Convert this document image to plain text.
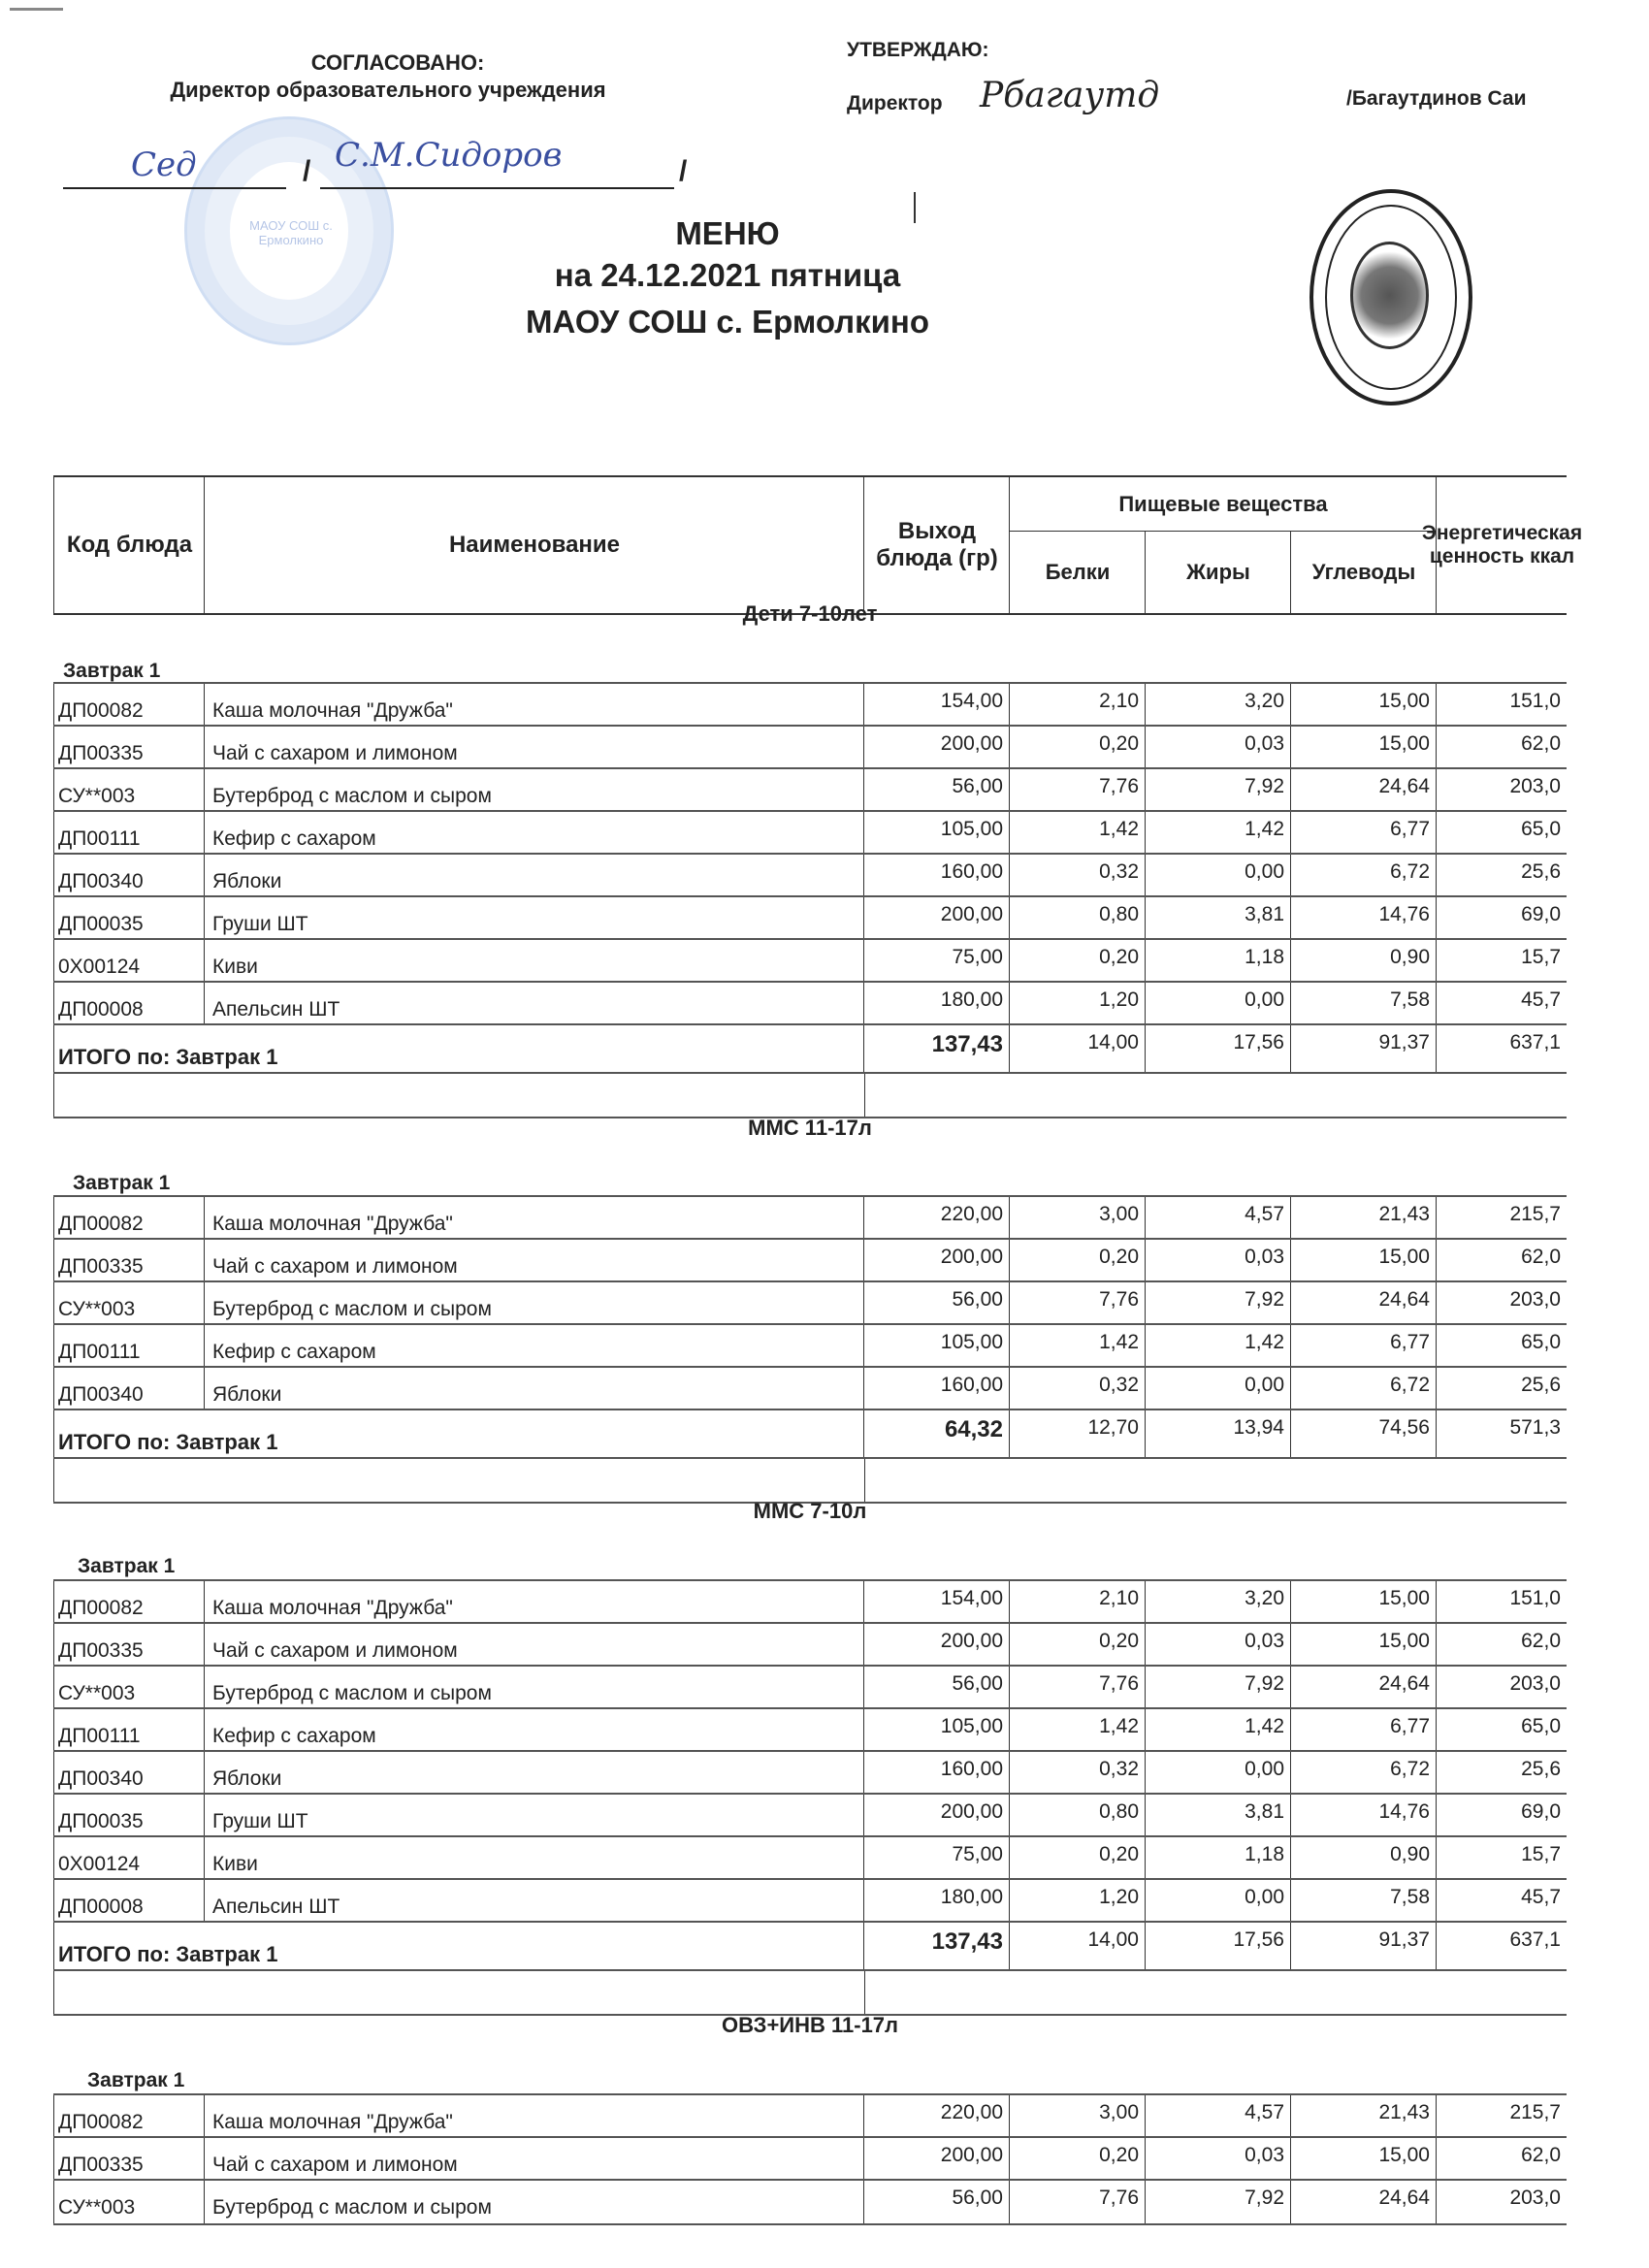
СОГЛАСОВАНО:
Директор образовательного учреждения
МАОУ СОШ с. Ермолкино
Сед	/ С.М.Сидоров	/
УТВЕРЖДАЮ:
Директор Рбагаутд	/Багаутдинов Саи
МЕНЮ
на 24.12.2021 пятница
МАОУ СОШ с. Ермолкино
Код блюда	Наименование
Выход блюда (гр)
Пищевые вещества
Белки	Жиры	Углеводы
Энергетическая ценность ккал
Дети 7-10лет
Завтрак 1
ДП00082	Каша молочная "Дружба"	154,00	2,10	3,20	15,00	151,0
ДП00335	Чай с сахаром и лимоном	200,00	0,20	0,03	15,00	62,0
СУ**003	Бутерброд с маслом и сыром	56,00	7,76	7,92	24,64	203,0
ДП00111	Кефир с сахаром	105,00	1,42	1,42	6,77	65,0
ДП00340	Яблоки	160,00	0,32	0,00	6,72	25,6
ДП00035	Груши ШТ	200,00	0,80	3,81	14,76	69,0
0Х00124	Киви	75,00	0,20	1,18	0,90	15,7
ДП00008	Апельсин ШТ	180,00	1,20	0,00	7,58	45,7
ИТОГО по: Завтрак 1	137,43	14,00	17,56	91,37	637,1
ММС 11-17л
Завтрак 1
ДП00082	Каша молочная "Дружба"	220,00	3,00	4,57	21,43	215,7
ДП00335	Чай с сахаром и лимоном	200,00	0,20	0,03	15,00	62,0
СУ**003	Бутерброд с маслом и сыром	56,00	7,76	7,92	24,64	203,0
ДП00111	Кефир с сахаром	105,00	1,42	1,42	6,77	65,0
ДП00340	Яблоки	160,00	0,32	0,00	6,72	25,6
ИТОГО по: Завтрак 1	64,32	12,70	13,94	74,56	571,3
ММС 7-10л
Завтрак 1
ДП00082	Каша молочная "Дружба"	154,00	2,10	3,20	15,00	151,0
ДП00335	Чай с сахаром и лимоном	200,00	0,20	0,03	15,00	62,0
СУ**003	Бутерброд с маслом и сыром	56,00	7,76	7,92	24,64	203,0
ДП00111	Кефир с сахаром	105,00	1,42	1,42	6,77	65,0
ДП00340	Яблоки	160,00	0,32	0,00	6,72	25,6
ДП00035	Груши ШТ	200,00	0,80	3,81	14,76	69,0
0Х00124	Киви	75,00	0,20	1,18	0,90	15,7
ДП00008	Апельсин ШТ	180,00	1,20	0,00	7,58	45,7
ИТОГО по: Завтрак 1	137,43	14,00	17,56	91,37	637,1
ОВЗ+ИНВ 11-17л
Завтрак 1
ДП00082	Каша молочная "Дружба"	220,00	3,00	4,57	21,43	215,7
ДП00335	Чай с сахаром и лимоном	200,00	0,20	0,03	15,00	62,0
СУ**003	Бутерброд с маслом и сыром	56,00	7,76	7,92	24,64	203,0
